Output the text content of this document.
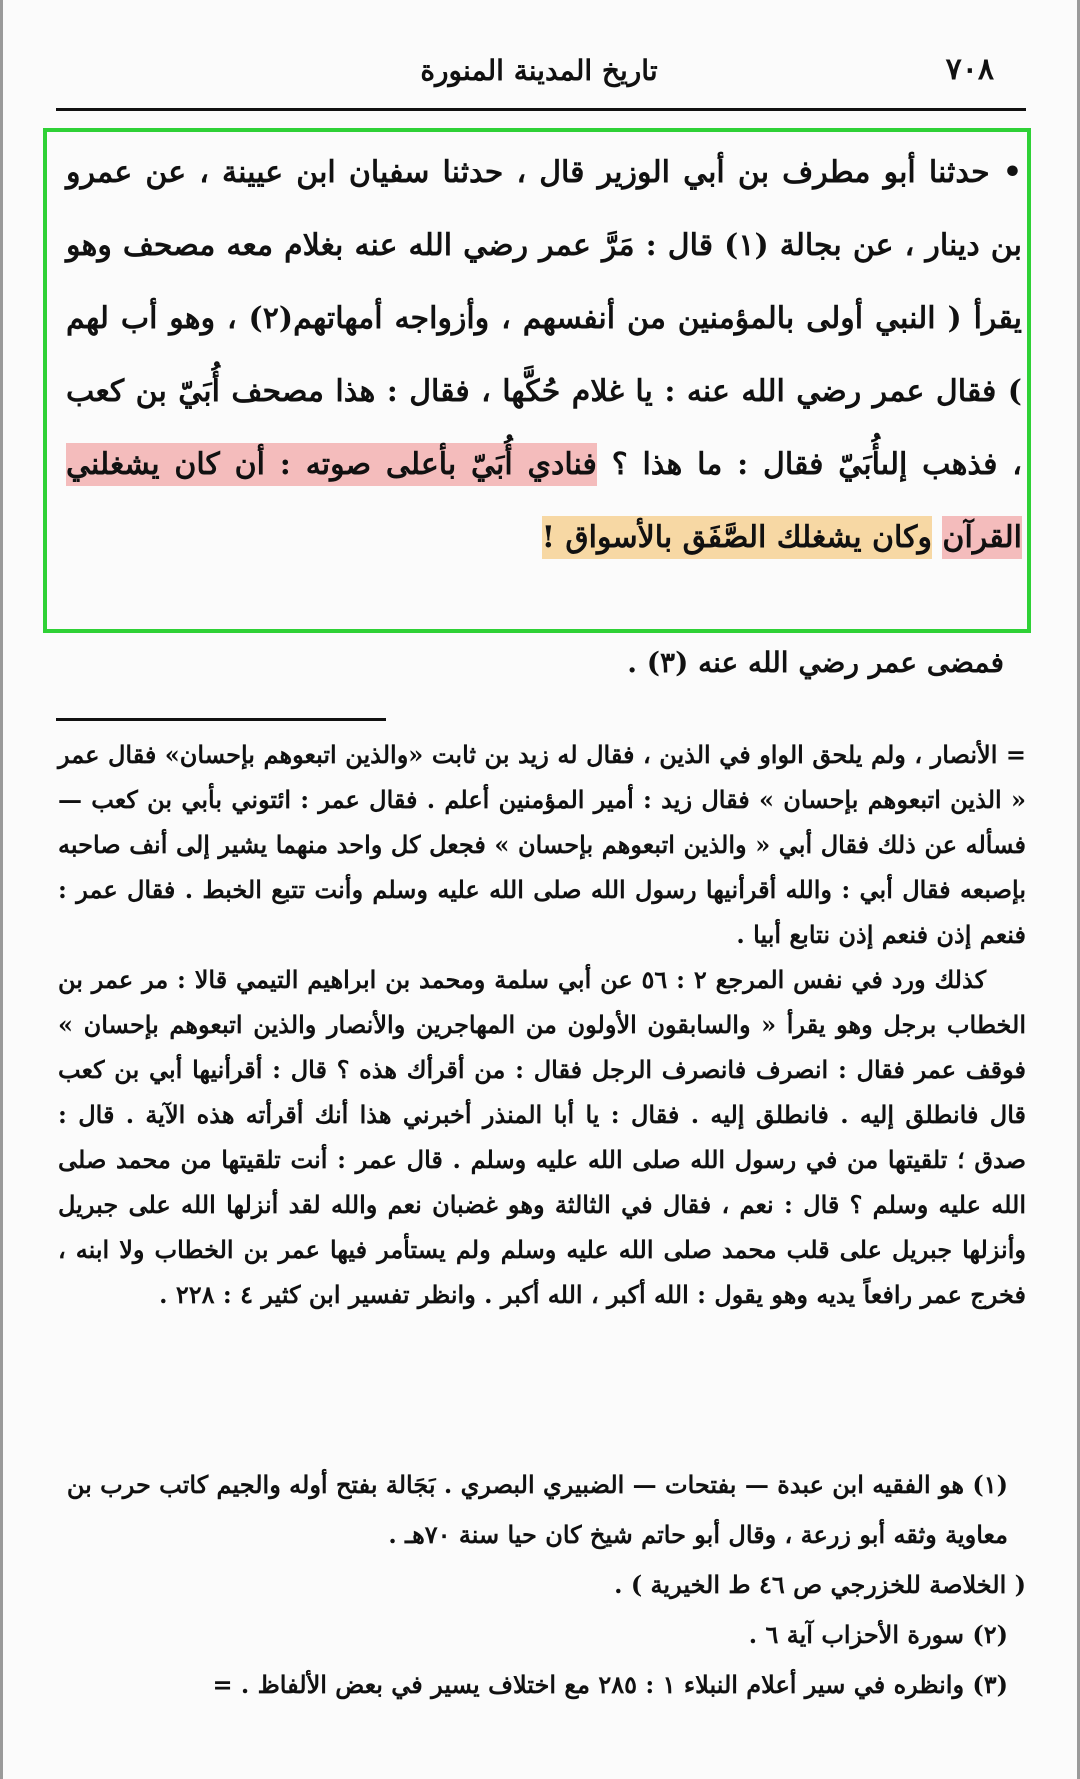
٧٠٨
تاريخ المدينة المنورة

• حدثنا أبو مطرف بن أبي الوزير قال ، حدثنا سفيان ابن عيينة ، عن عمرو بن دينار ، عن بجالة (١) قال : مَرَّ عمر رضي الله عنه بغلام معه مصحف وهو يقرأ ( النبي أولى بالمؤمنين من أنفسهم ، وأزواجه أمهاتهم(٢) ، وهو أب لهم ) فقال عمر رضي الله عنه : يا غلام حُكَّها ، فقال : هذا مصحف أُبَيّ بن كعب ، فذهب إلىأُبَيّ فقال : ما هذا ؟ فنادي أُبَيّ بأعلى صوته : أن كان يشغلني القرآن وكان يشغلك الصَّفَق بالأسواق !

فمضى عمر رضي الله عنه (٣) .

= الأنصار ، ولم يلحق الواو في الذين ، فقال له زيد بن ثابت «والذين اتبعوهم بإحسان» فقال عمر « الذين اتبعوهم بإحسان » فقال زيد : أمير المؤمنين أعلم . فقال عمر : ائتوني بأبي بن كعب — فسأله عن ذلك فقال أبي « والذين اتبعوهم بإحسان » فجعل كل واحد منهما يشير إلى أنف صاحبه بإصبعه فقال أبي : والله أقرأنيها رسول الله صلى الله عليه وسلم وأنت تتبع الخبط . فقال عمر : فنعم إذن فنعم إذن نتابع أبيا .

كذلك ورد في نفس المرجع ٢ : ٥٦ عن أبي سلمة ومحمد بن ابراهيم التيمي قالا : مر عمر بن الخطاب برجل وهو يقرأ « والسابقون الأولون من المهاجرين والأنصار والذين اتبعوهم بإحسان » فوقف عمر فقال : انصرف فانصرف الرجل فقال : من أقرأك هذه ؟ قال : أقرأنيها أبي بن كعب قال فانطلق إليه . فانطلق إليه . فقال : يا أبا المنذر أخبرني هذا أنك أقرأته هذه الآية . قال : صدق ؛ تلقيتها من في رسول الله صلى الله عليه وسلم . قال عمر : أنت تلقيتها من محمد صلى الله عليه وسلم ؟ قال : نعم ، فقال في الثالثة وهو غضبان نعم والله لقد أنزلها الله على جبريل وأنزلها جبريل على قلب محمد صلى الله عليه وسلم ولم يستأمر فيها عمر بن الخطاب ولا ابنه ، فخرج عمر رافعاً يديه وهو يقول : الله أكبر ، الله أكبر . وانظر تفسير ابن كثير ٤ : ٢٢٨ .

(١) هو الفقيه ابن عبدة — بفتحات — الضبيري البصري . بَجَالة بفتح أوله والجيم كاتب حرب بن معاوية وثقه أبو زرعة ، وقال أبو حاتم شيخ كان حيا سنة ٧٠هـ .

( الخلاصة للخزرجي ص ٤٦ ط الخيرية ) .

(٢) سورة الأحزاب آية ٦ .

(٣) وانظره في سير أعلام النبلاء ١ : ٢٨٥ مع اختلاف يسير في بعض الألفاظ . =
